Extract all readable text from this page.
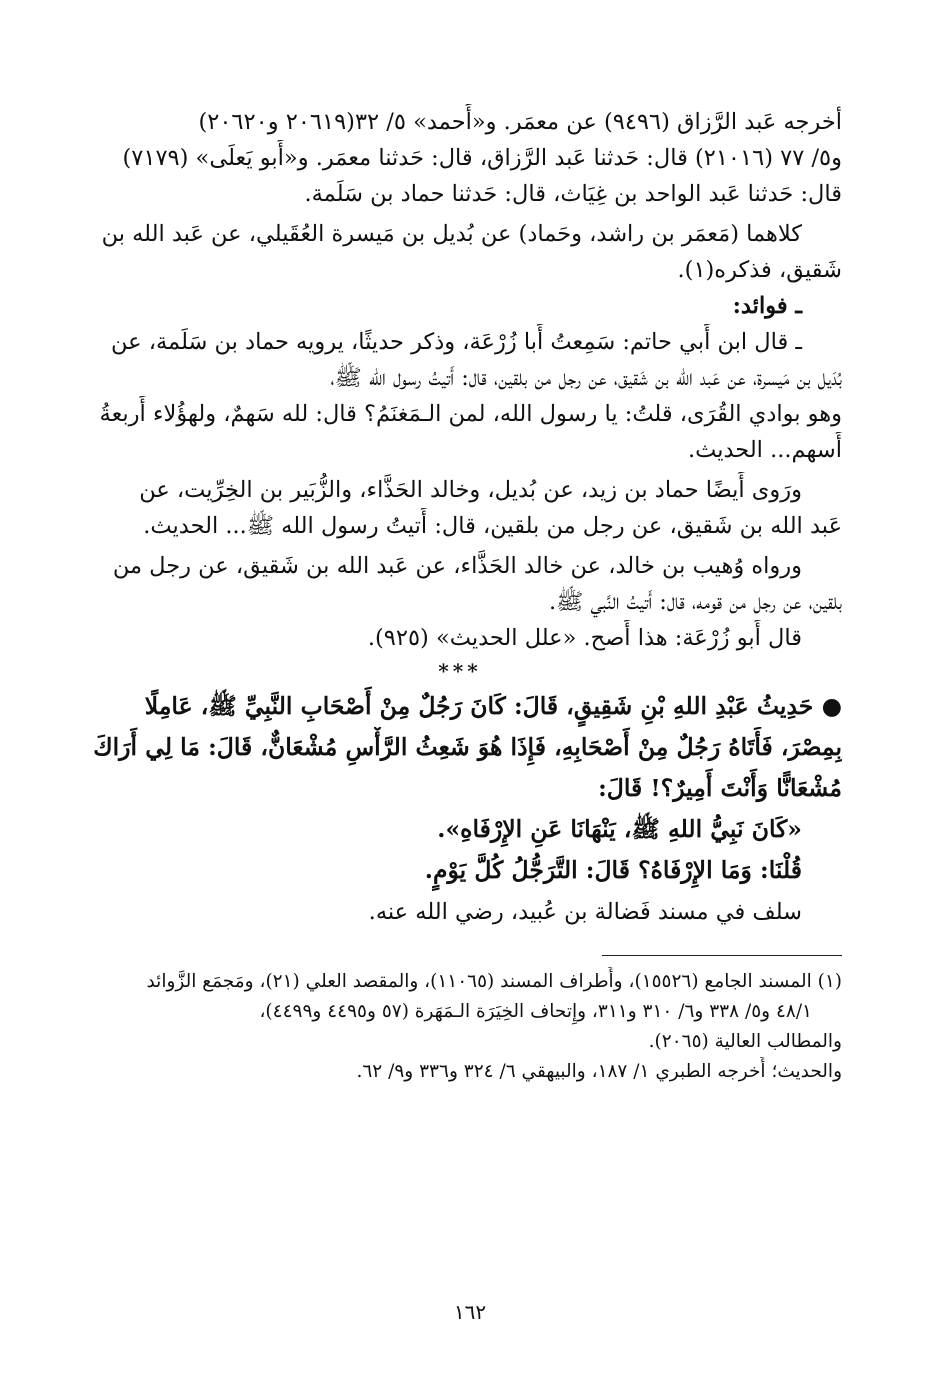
أخرجه عَبد الرَّزاق (٩٤٩٦) عن معمَر. و«أَحمد» ٥/ ٣٢(٢٠٦١٩ و٢٠٦٢٠)
و٥/ ٧٧ (٢١٠١٦) قال: حَدثنا عَبد الرَّزاق، قال: حَدثنا معمَر. و«أَبو يَعلَى» (٧١٧٩)
قال: حَدثنا عَبد الواحد بن غِيَاث، قال: حَدثنا حماد بن سَلَمة.
كلاهما (مَعمَر بن راشد، وحَماد) عن بُديل بن مَيسرة العُقَيلي، عن عَبد الله بن
شَقيق، فذكره(١).
ـ فوائد:
ـ قال ابن أَبي حاتم: سَمِعتُ أَبا زُرْعَة، وذكر حديثًا، يرويه حماد بن سَلَمة، عن
بُدَيل بن مَيسرة، عن عَبد الله بن شَقيق، عن رجل من بلقين، قال: أَتيتُ رسول الله ﷺ،
وهو بوادي القُرَى، قلتُ: يا رسول الله، لمن الـمَغنَمُ؟ قال: لله سَهمٌ، ولهؤُلاء أَربعةُ
أَسهم... الحديث.
ورَوى أَيضًا حماد بن زيد، عن بُديل، وخالد الحَذَّاء، والزُّبَير بن الخِرِّيت، عن
عَبد الله بن شَقيق، عن رجل من بلقين، قال: أَتيتُ رسول الله ﷺ... الحديث.
ورواه وُهيب بن خالد، عن خالد الحَذَّاء، عن عَبد الله بن شَقيق، عن رجل من
بلقين، عن رجل من قومه، قال: أَتيتُ النَّبي ﷺ.
قال أَبو زُرْعَة: هذا أَصح. «علل الحديث» (٩٢٥).
***
● حَدِيثُ عَبْدِ اللهِ بْنِ شَقِيقٍ، قَالَ: كَانَ رَجُلٌ مِنْ أَصْحَابِ النَّبِيِّ ﷺ، عَامِلًا
بِمِصْرَ، فَأَتَاهُ رَجُلٌ مِنْ أَصْحَابِهِ، فَإِذَا هُوَ شَعِثُ الرَّأْسِ مُشْعَانٌّ، قَالَ: مَا لِي أَرَاكَ
مُشْعَانًّا وَأَنْتَ أَمِيرٌ؟! قَالَ:
«كَانَ نَبِيُّ اللهِ ﷺ، يَنْهَانَا عَنِ الإِرْفَاهِ».
قُلْنَا: وَمَا الإِرْفَاهُ؟ قَالَ: التَّرَجُّلُ كُلَّ يَوْمٍ.
سلف في مسند فَضالة بن عُبيد، رضي الله عنه.
(١) المسند الجامع (١٥٥٢٦)، وأَطراف المسند (١١٠٦٥)، والمقصد العلي (٢١)، ومَجمَع الزَّوائد
٤٨/١ و٥/ ٣٣٨ و٦/ ٣١٠ و٣١١، وإِتحاف الخِيَرَة الـمَهَرة (٥٧ و٤٤٩٥ و٤٤٩٩)،
والمطالب العالية (٢٠٦٥).
والحديث؛ أَخرجه الطبري ١/ ١٨٧، والبيهقي ٦/ ٣٢٤ و٣٣٦ و٩/ ٦٢.
١٦٢
